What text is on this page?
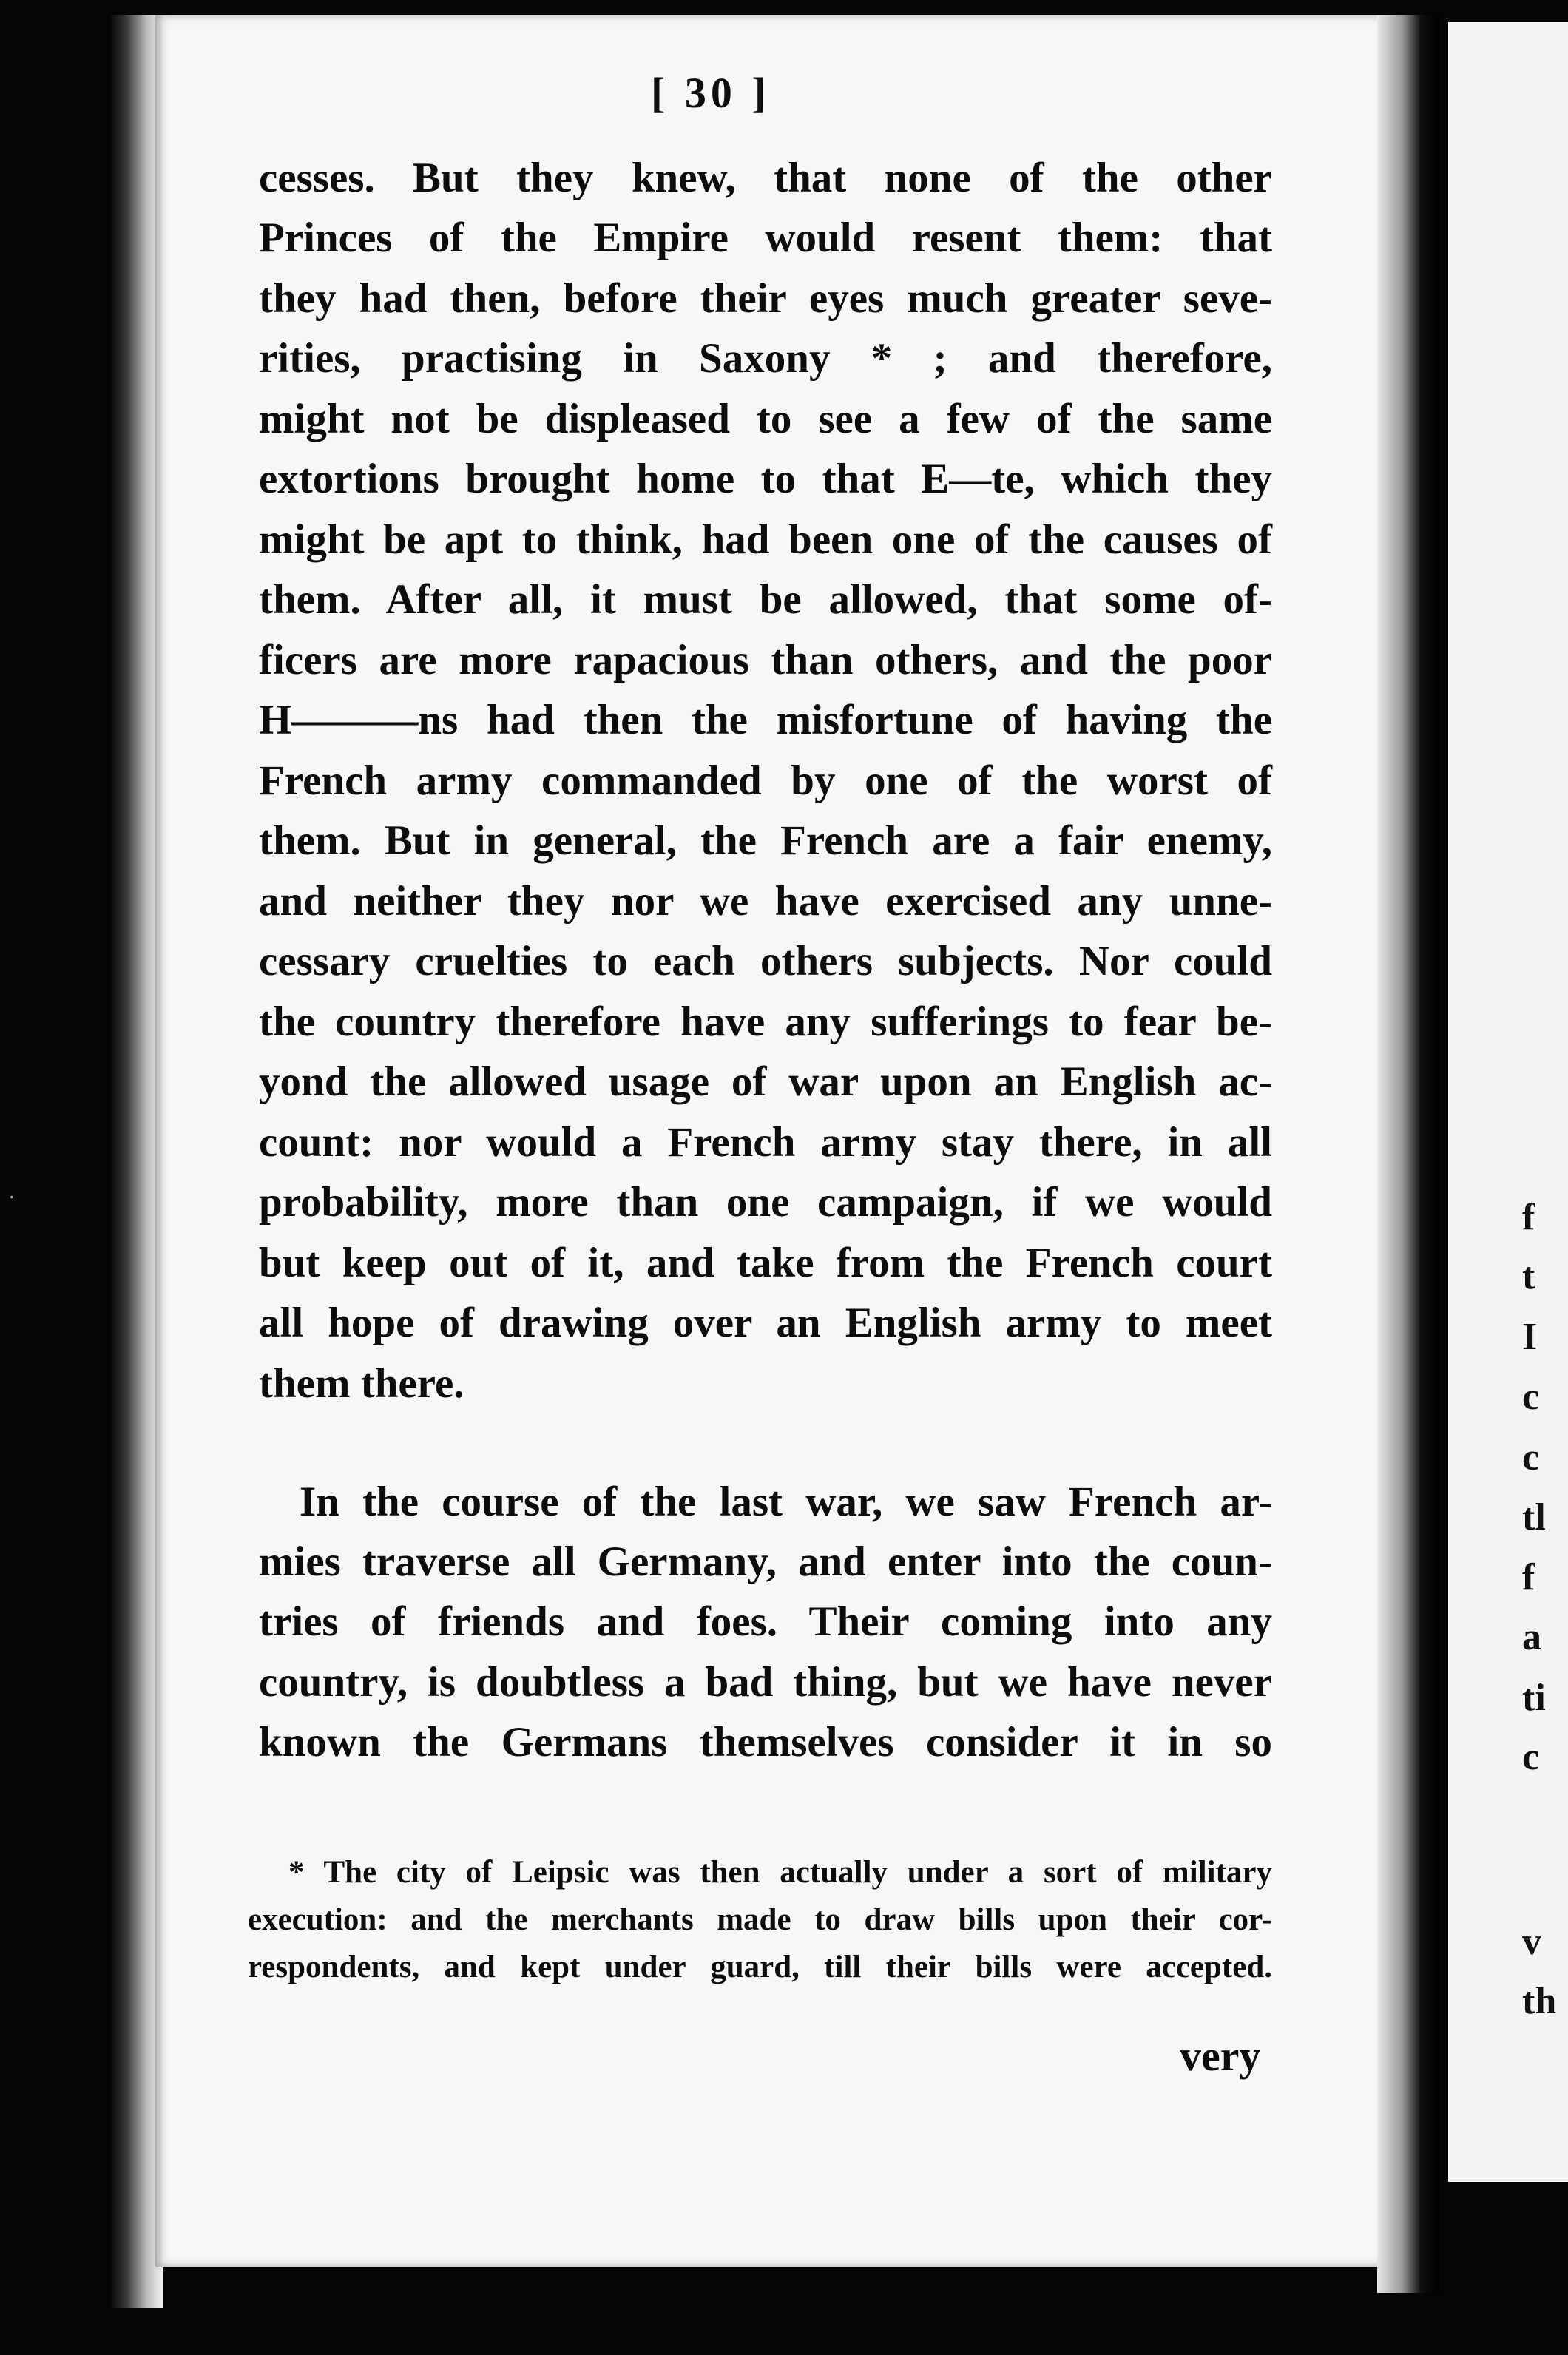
f
t
I
c
c
tl
f
a
ti
c
v
th
.
[ 30 ]
cesses. But they knew, that none of the other
Princes of the Empire would resent them: that
they had then, before their eyes much greater seve-
rities, practising in Saxony * ; and therefore,
might not be displeased to see a few of the same
extortions brought home to that E—te, which they
might be apt to think, had been one of the causes of
them. After all, it must be allowed, that some of-
ficers are more rapacious than others, and the poor
H———ns had then the misfortune of having the
French army commanded by one of the worst of
them. But in general, the French are a fair enemy,
and neither they nor we have exercised any unne-
cessary cruelties to each others subjects. Nor could
the country therefore have any sufferings to fear be-
yond the allowed usage of war upon an English ac-
count: nor would a French army stay there, in all
probability, more than one campaign, if we would
but keep out of it, and take from the French court
all hope of drawing over an English army to meet
them there.
In the course of the last war, we saw French ar-
mies traverse all Germany, and enter into the coun-
tries of friends and foes. Their coming into any
country, is doubtless a bad thing, but we have never
known the Germans themselves consider it in so
* The city of Leipsic was then actually under a sort of military
execution: and the merchants made to draw bills upon their cor-
respondents, and kept under guard, till their bills were accepted.
very
